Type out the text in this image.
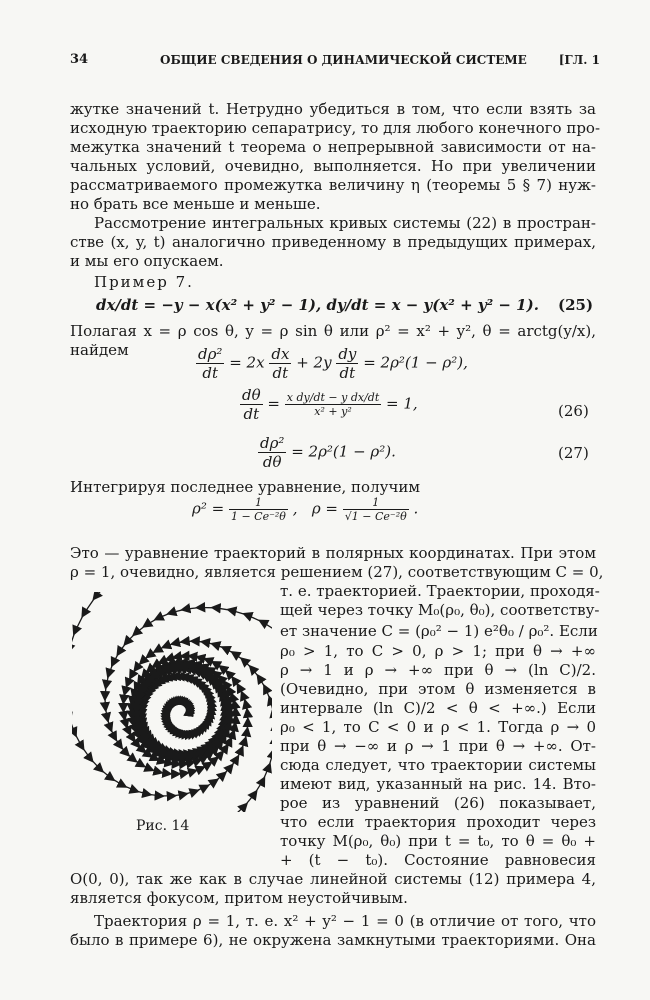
34	ОБЩИЕ СВЕДЕНИЯ О ДИНАМИЧЕСКОЙ СИСТЕМЕ	[ГЛ. 1
жутке значений t. Нетрудно убедиться в том, что если взять за
исходную траекторию сепаратрису, то для любого конечного про-
межутка значений t теорема о непрерывной зависимости от на-
чальных условий, очевидно, выполняется. Но при увеличении
рассматриваемого промежутка величину η (теоремы 5 § 7) нуж-
но брать все меньше и меньше.
Рассмотрение интегральных кривых системы (22) в простран-
стве (x, y, t) аналогично приведенному в предыдущих примерах,
и мы его опускаем.
Пример 7.
dx/dt = −y − x(x² + y² − 1), dy/dt = x − y(x² + y² − 1). (25)
Полагая x = ρ cos θ, y = ρ sin θ или ρ² = x² + y², θ = arctg(y/x),
найдем	$\frac{\text{dρ²}}{dt} = 2x \frac{dx}{dt} + 2y \frac{dy}{dt} = 2\rho^2(1 - \rho^2)$,
$\frac{d\theta}{dt} = \frac{\text{x dy/dt − y dx/dt}}{\text{x² + y²}} = 1$,	(26)
$\frac{\text{dρ²}}{d\theta} = 2\rho^2(1 - \rho^2)$.	(27)
Интегрируя последнее уравнение, получим
$\rho^2 = \frac{1}{\text{1 − Ce⁻²θ}}$ ,   $\rho = \frac{1}{\text{√1 − Ce⁻²θ}}$ .
Это — уравнение траекторий в полярных координатах. При этом
ρ = 1, очевидно, является решением (27), соответствующим C = 0,
т. е. траекторией. Траектории, проходя-
щей через точку M₀(ρ₀, θ₀), соответству-
ет значение C = (ρ₀² − 1) e²θ₀ / ρ₀². Если
ρ₀ > 1, то C > 0, ρ > 1; при θ → +∞
ρ → 1 и ρ → +∞ при θ → (ln C)/2.
(Очевидно, при этом θ изменяется в
интервале (ln C)/2 < θ < +∞.) Если
ρ₀ < 1, то C < 0 и ρ < 1. Тогда ρ → 0
при θ → −∞ и ρ → 1 при θ → +∞. От-
сюда следует, что траектории системы
имеют вид, указанный на рис. 14. Вто-
рое из уравнений (26) показывает,
что если траектория проходит через
точку M(ρ₀, θ₀) при t = t₀, то θ = θ₀ +
+ (t − t₀). Состояние равновесия
O(0, 0), так же как в случае линейной системы (12) примера 4,
является фокусом, притом неустойчивым.
Траектория ρ = 1, т. е. x² + y² − 1 = 0 (в отличие от того, что
было в примере 6), не окружена замкнутыми траекториями. Она
Рис. 14
